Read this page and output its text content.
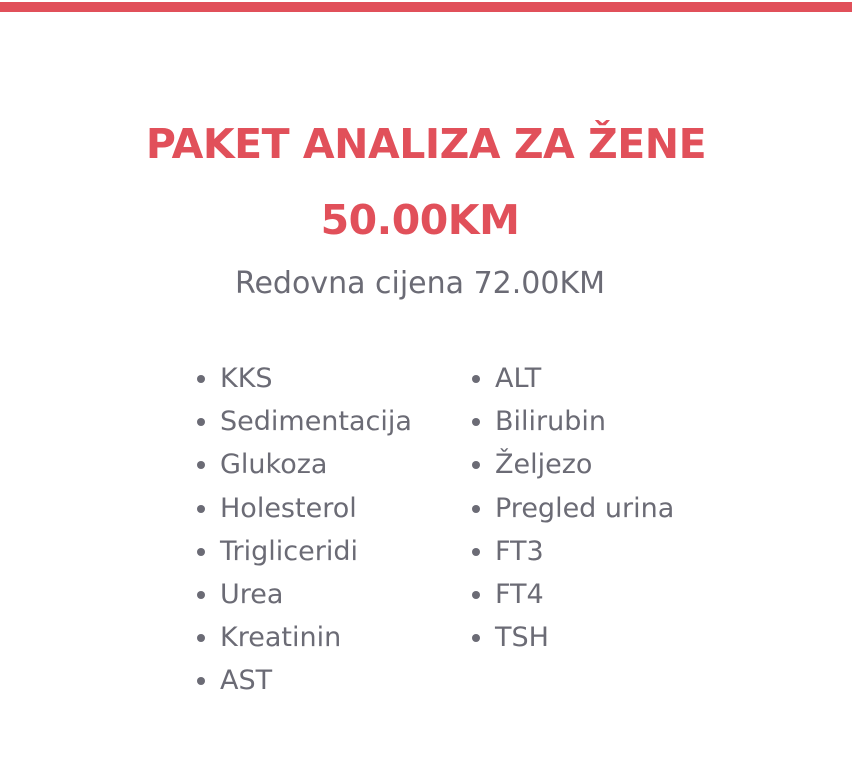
PAKET ANALIZA ZA ŽENE
50.00KM
Redovna cijena 72.00KM
KKS
Sedimentacija
Glukoza
Holesterol
Trigliceridi
Urea
Kreatinin
AST
ALT
Bilirubin
Željezo
Pregled urina
FT3
FT4
TSH
